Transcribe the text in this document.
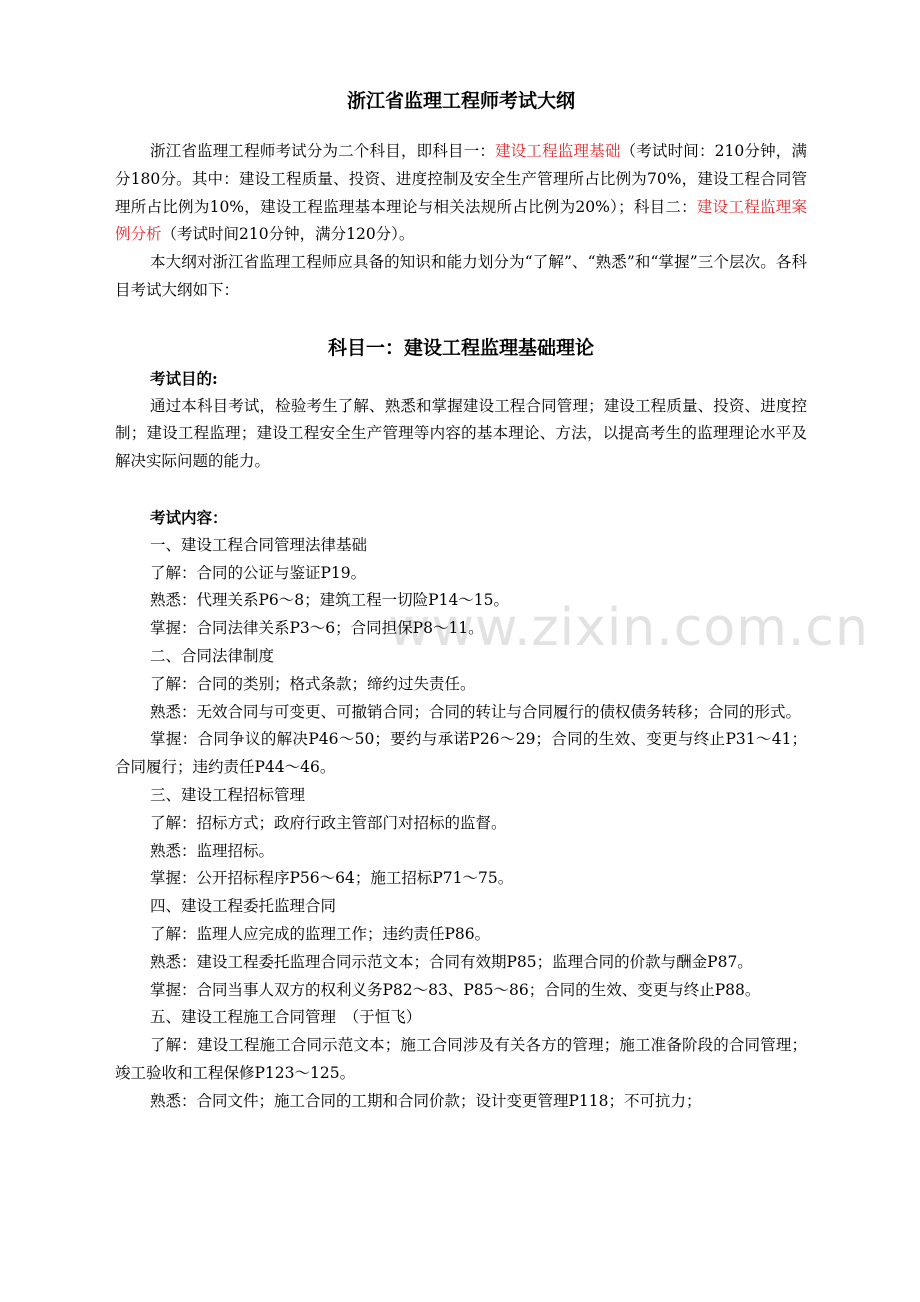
www.zixin.com.cn
浙江省监理工程师考试大纲

浙江省监理工程师考试分为二个科目，即科目一：建设工程监理基础（考试时间：210分钟，满分180分。其中：建设工程质量、投资、进度控制及安全生产管理所占比例为70%，建设工程合同管理所占比例为10%，建设工程监理基本理论与相关法规所占比例为20%）；科目二：建设工程监理案例分析（考试时间210分钟，满分120分）。

本大纲对浙江省监理工程师应具备的知识和能力划分为“了解”、“熟悉”和“掌握”三个层次。各科目考试大纲如下：

科目一：建设工程监理基础理论

考试目的:

通过本科目考试，检验考生了解、熟悉和掌握建设工程合同管理；建设工程质量、投资、进度控制；建设工程监理；建设工程安全生产管理等内容的基本理论、方法，以提高考生的监理理论水平及解决实际问题的能力。

考试内容：

一、建设工程合同管理法律基础

了解：合同的公证与鉴证P19。

熟悉：代理关系P6～8；建筑工程一切险P14～15。

掌握：合同法律关系P3～6；合同担保P8～11。

二、合同法律制度

了解：合同的类别；格式条款；缔约过失责任。

熟悉：无效合同与可变更、可撤销合同；合同的转让与合同履行的债权债务转移；合同的形式。

掌握：合同争议的解决P46～50；要约与承诺P26～29；合同的生效、变更与终止P31～41；合同履行；违约责任P44～46。

三、建设工程招标管理

了解：招标方式；政府行政主管部门对招标的监督。

熟悉：监理招标。

掌握：公开招标程序P56～64；施工招标P71～75。

四、建设工程委托监理合同

了解：监理人应完成的监理工作；违约责任P86。

熟悉：建设工程委托监理合同示范文本；合同有效期P85；监理合同的价款与酬金P87。

掌握：合同当事人双方的权利义务P82～83、P85～86；合同的生效、变更与终止P88。

五、建设工程施工合同管理　（于恒飞）

了解：建设工程施工合同示范文本；施工合同涉及有关各方的管理；施工准备阶段的合同管理；竣工验收和工程保修P123～125。

熟悉：合同文件；施工合同的工期和合同价款；设计变更管理P118；不可抗力；
